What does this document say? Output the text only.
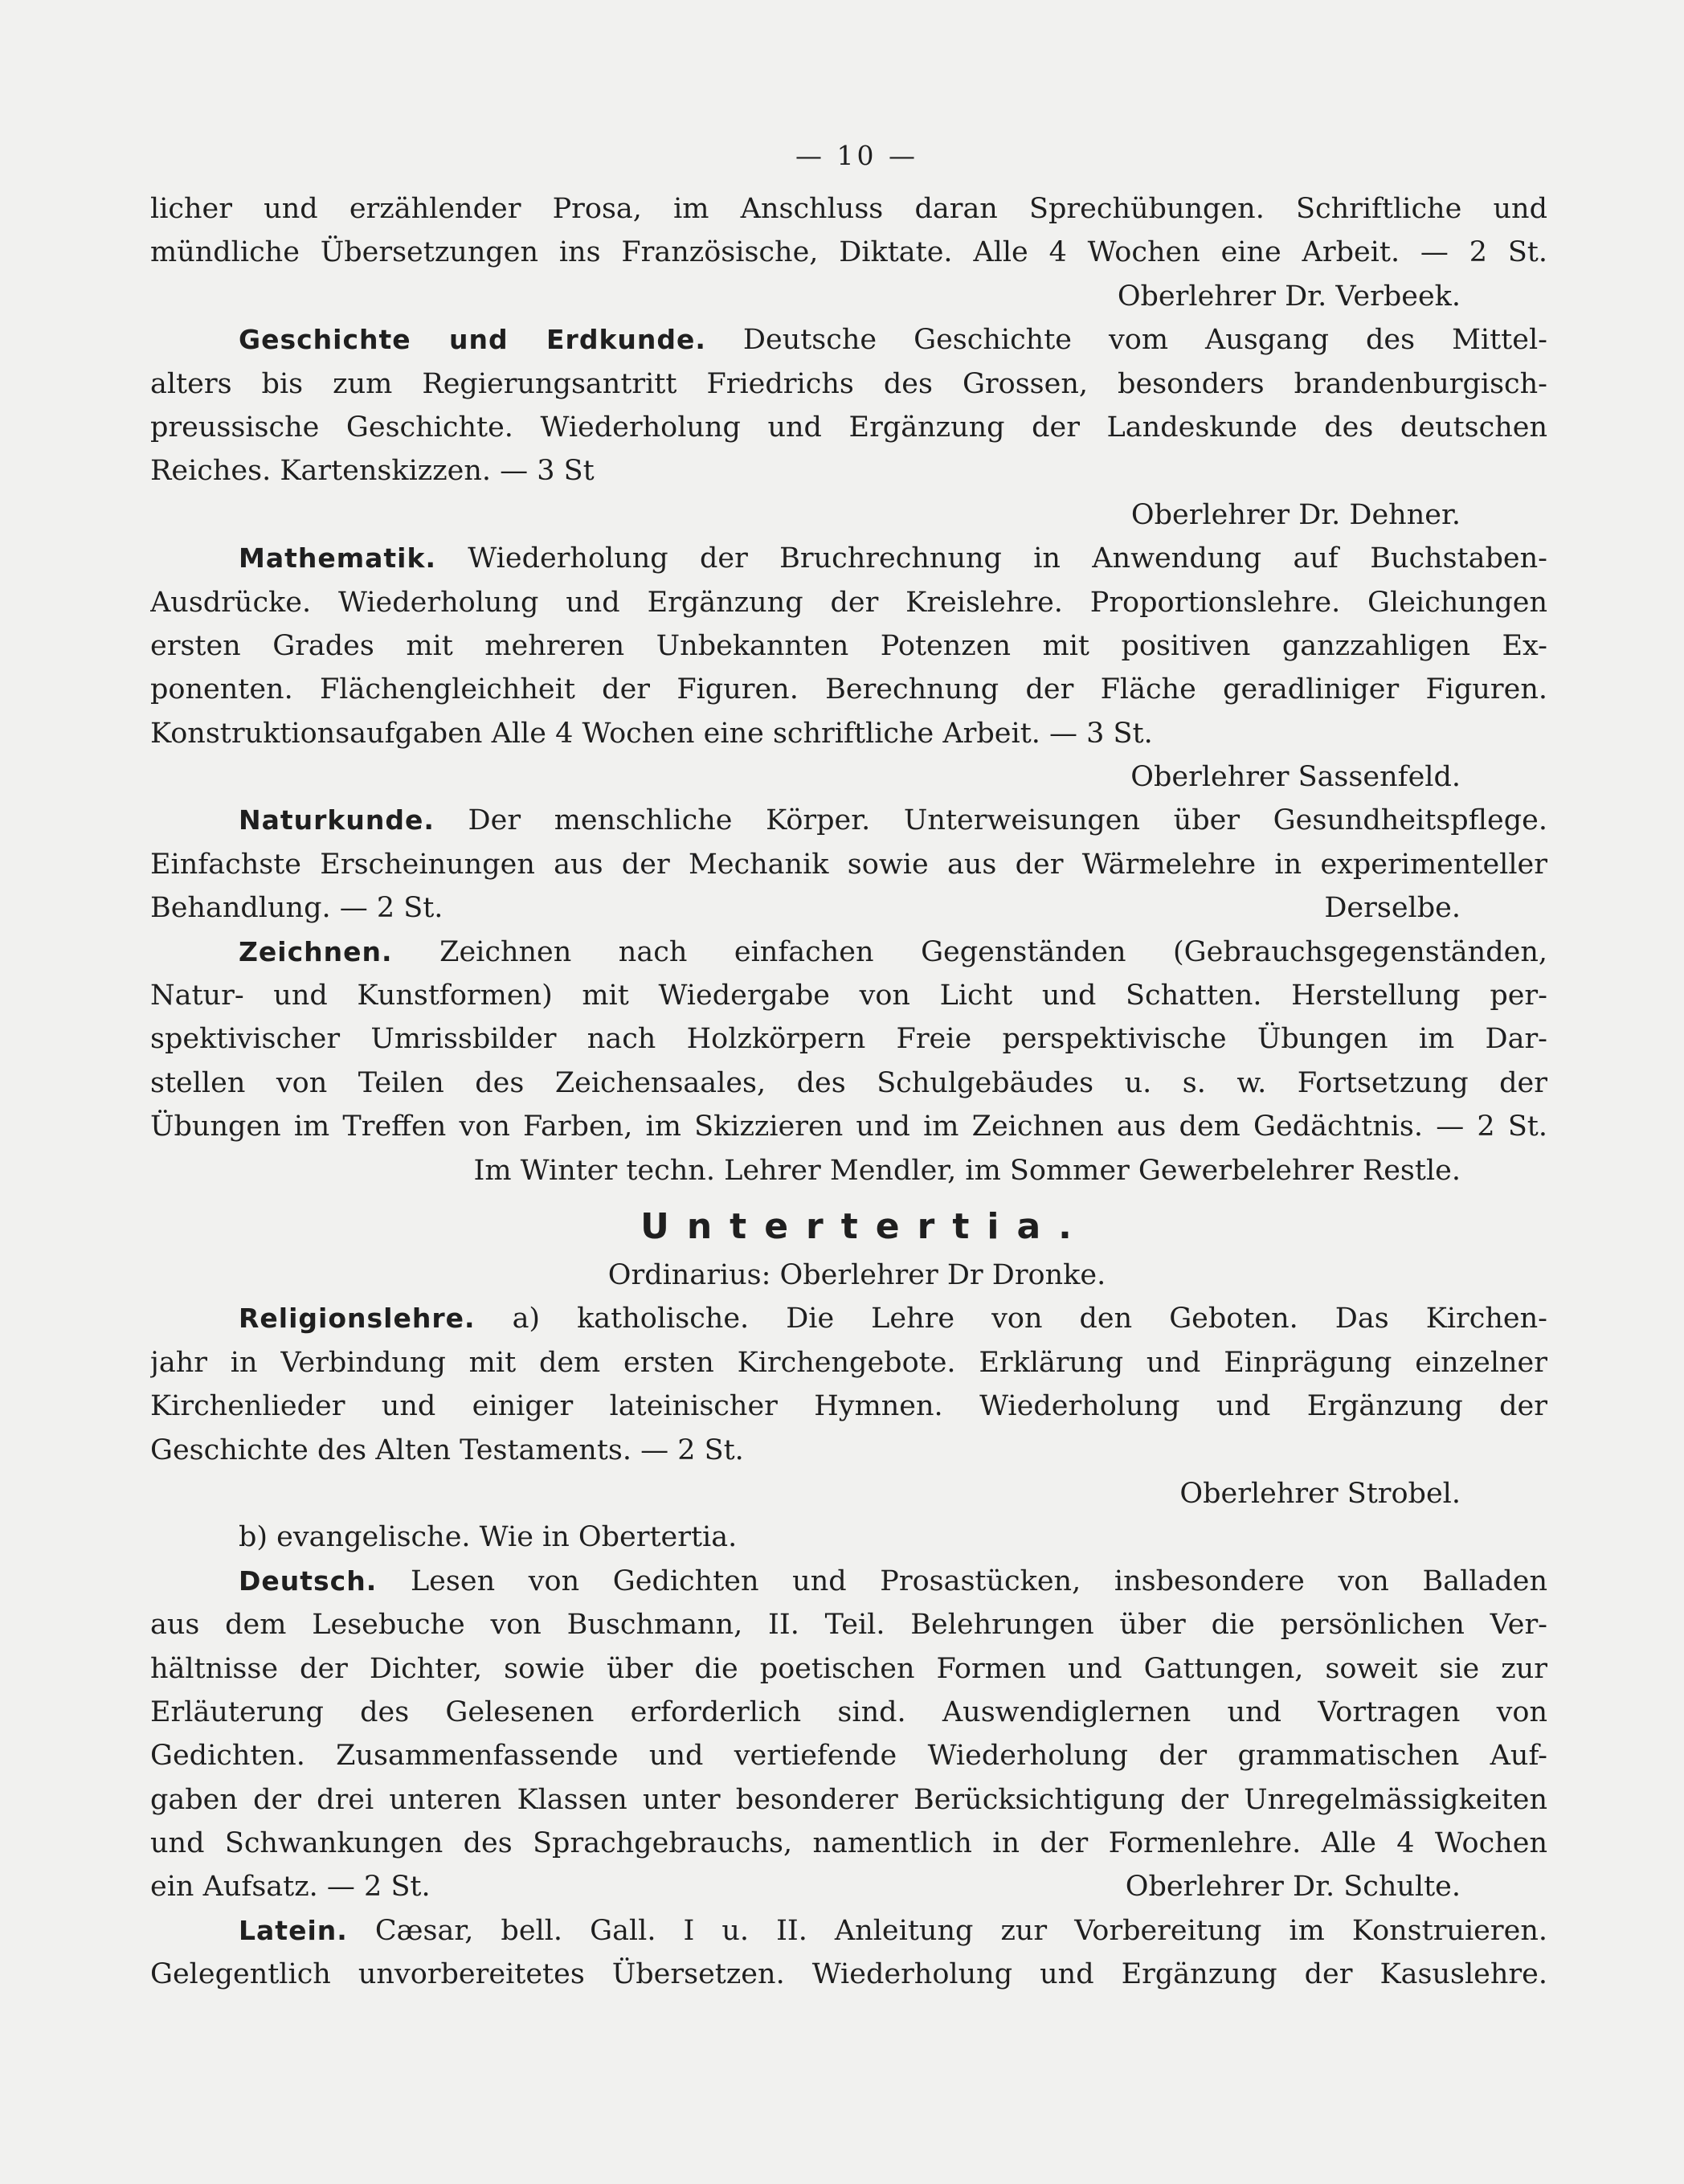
— 10 —
licher und erzählender Prosa, im Anschluss daran Sprechübungen. Schriftliche und
mündliche Übersetzungen ins Französische, Diktate. Alle 4 Wochen eine Arbeit. — 2 St.
Oberlehrer Dr. Verbeek.
Geschichte und Erdkunde. Deutsche Geschichte vom Ausgang des Mittel-
alters bis zum Regierungsantritt Friedrichs des Grossen, besonders brandenburgisch-
preussische Geschichte. Wiederholung und Ergänzung der Landeskunde des deutschen
Reiches. Kartenskizzen. — 3 St
Oberlehrer Dr. Dehner.
Mathematik. Wiederholung der Bruchrechnung in Anwendung auf Buchstaben-
Ausdrücke. Wiederholung und Ergänzung der Kreislehre. Proportionslehre. Gleichungen
ersten Grades mit mehreren Unbekannten Potenzen mit positiven ganzzahligen Ex-
ponenten. Flächengleichheit der Figuren. Berechnung der Fläche geradliniger Figuren.
Konstruktionsaufgaben Alle 4 Wochen eine schriftliche Arbeit. — 3 St.
Oberlehrer Sassenfeld.
Naturkunde. Der menschliche Körper. Unterweisungen über Gesundheitspflege.
Einfachste Erscheinungen aus der Mechanik sowie aus der Wärmelehre in experimenteller
Behandlung. — 2 St.	Derselbe.
Zeichnen. Zeichnen nach einfachen Gegenständen (Gebrauchsgegenständen,
Natur- und Kunstformen) mit Wiedergabe von Licht und Schatten. Herstellung per-
spektivischer Umrissbilder nach Holzkörpern Freie perspektivische Übungen im Dar-
stellen von Teilen des Zeichensaales, des Schulgebäudes u. s. w. Fortsetzung der
Übungen im Treffen von Farben, im Skizzieren und im Zeichnen aus dem Gedächtnis. — 2 St.
Im Winter techn. Lehrer Mendler, im Sommer Gewerbelehrer Restle.
Untertertia.
Ordinarius: Oberlehrer Dr Dronke.
Religionslehre. a) katholische. Die Lehre von den Geboten. Das Kirchen-
jahr in Verbindung mit dem ersten Kirchengebote. Erklärung und Einprägung einzelner
Kirchenlieder und einiger lateinischer Hymnen. Wiederholung und Ergänzung der
Geschichte des Alten Testaments. — 2 St.
Oberlehrer Strobel.
b) evangelische. Wie in Obertertia.
Deutsch. Lesen von Gedichten und Prosastücken, insbesondere von Balladen
aus dem Lesebuche von Buschmann, II. Teil. Belehrungen über die persönlichen Ver-
hältnisse der Dichter, sowie über die poetischen Formen und Gattungen, soweit sie zur
Erläuterung des Gelesenen erforderlich sind. Auswendiglernen und Vortragen von
Gedichten. Zusammenfassende und vertiefende Wiederholung der grammatischen Auf-
gaben der drei unteren Klassen unter besonderer Berücksichtigung der Unregelmässigkeiten
und Schwankungen des Sprachgebrauchs, namentlich in der Formenlehre. Alle 4 Wochen
ein Aufsatz. — 2 St.	Oberlehrer Dr. Schulte.
Latein. Cæsar, bell. Gall. I u. II. Anleitung zur Vorbereitung im Konstruieren.
Gelegentlich unvorbereitetes Übersetzen. Wiederholung und Ergänzung der Kasuslehre.
